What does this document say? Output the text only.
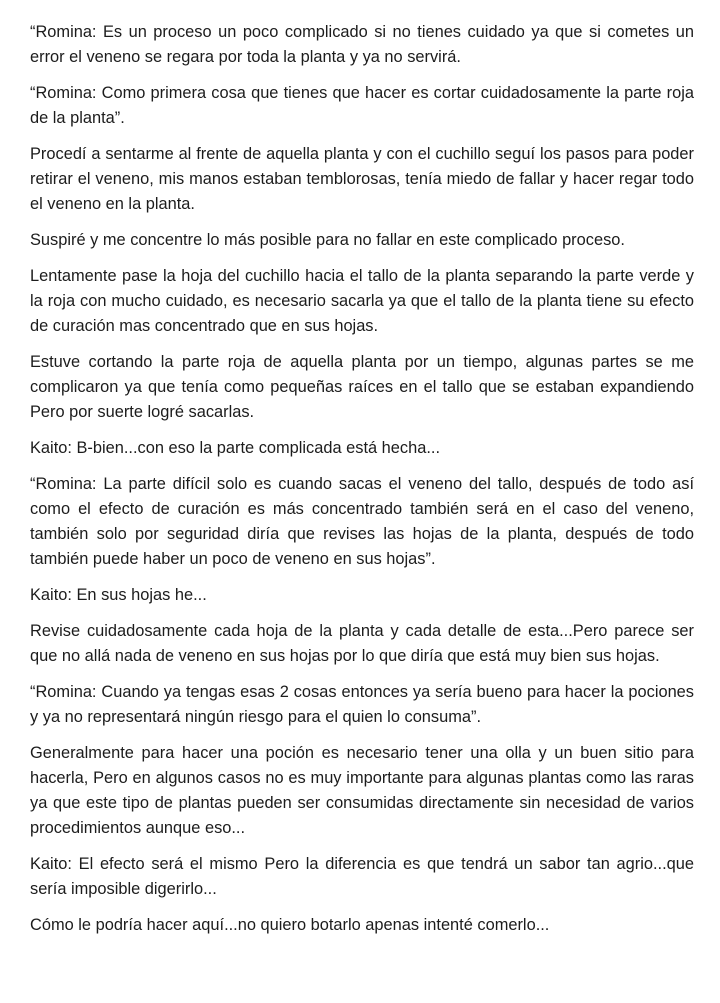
“Romina: Es un proceso un poco complicado si no tienes cuidado ya que si cometes un error el veneno se regara por toda la planta y ya no servirá.

“Romina: Como primera cosa que tienes que hacer es cortar cuidadosamente la parte roja de la planta”.

Procedí a sentarme al frente de aquella planta y con el cuchillo seguí los pasos para poder retirar el veneno, mis manos estaban temblorosas, tenía miedo de fallar y hacer regar todo el veneno en la planta.

Suspiré y me concentre lo más posible para no fallar en este complicado proceso.

Lentamente pase la hoja del cuchillo hacia el tallo de la planta separando la parte verde y la roja con mucho cuidado, es necesario sacarla ya que el tallo de la planta tiene su efecto de curación mas concentrado que en sus hojas.

Estuve cortando la parte roja de aquella planta por un tiempo, algunas partes se me complicaron ya que tenía como pequeñas raíces en el tallo que se estaban expandiendo Pero por suerte logré sacarlas.

Kaito: B-bien...con eso la parte complicada está hecha...

“Romina: La parte difícil solo es cuando sacas el veneno del tallo, después de todo así como el efecto de curación es más concentrado también será en el caso del veneno, también solo por seguridad diría que revises las hojas de la planta, después de todo también puede haber un poco de veneno en sus hojas”.

Kaito: En sus hojas he...

Revise cuidadosamente cada hoja de la planta y cada detalle de esta...Pero parece ser que no allá nada de veneno en sus hojas por lo que diría que está muy bien sus hojas.

“Romina: Cuando ya tengas esas 2 cosas entonces ya sería bueno para hacer la pociones y ya no representará ningún riesgo para el quien lo consuma”.

Generalmente para hacer una poción es necesario tener una olla y un buen sitio para hacerla, Pero en algunos casos no es muy importante para algunas plantas como las raras ya que este tipo de plantas pueden ser consumidas directamente sin necesidad de varios procedimientos aunque eso...

Kaito: El efecto será el mismo Pero la diferencia es que tendrá un sabor tan agrio...que sería imposible digerirlo...

Cómo le podría hacer aquí...no quiero botarlo apenas intenté comerlo...
